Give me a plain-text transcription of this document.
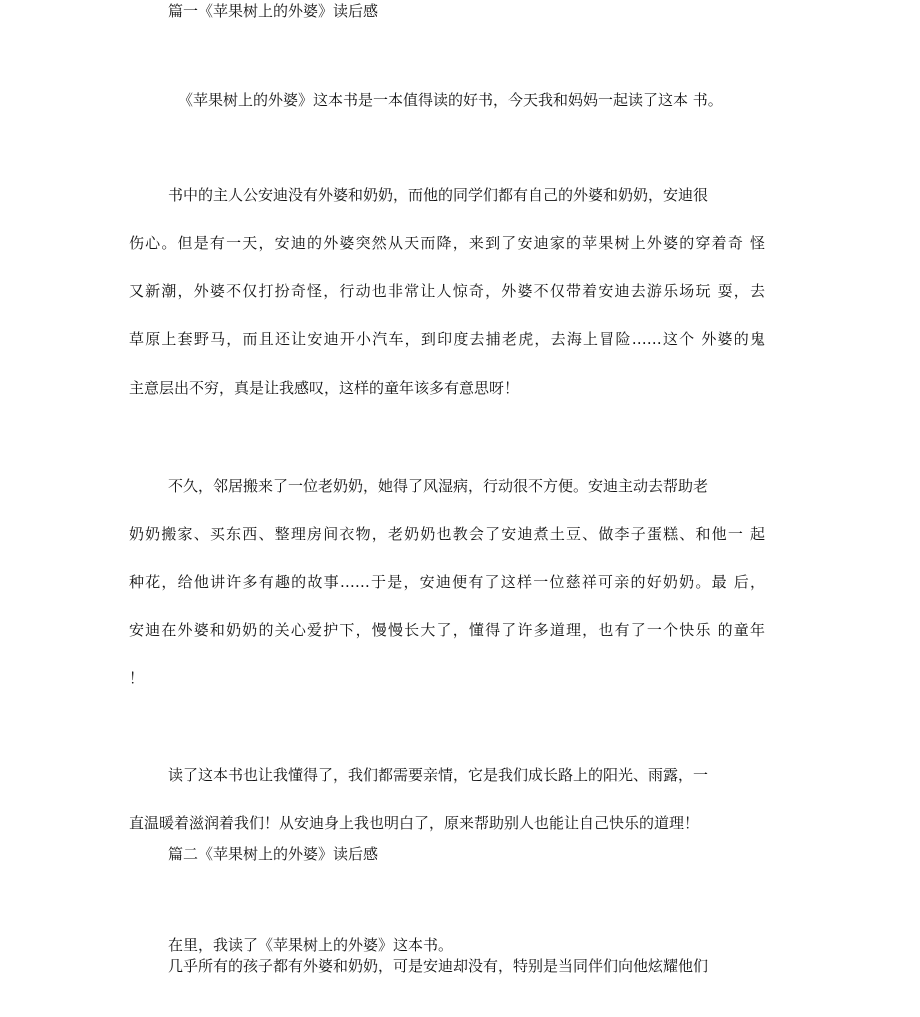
篇一《苹果树上的外婆》读后感
《苹果树上的外婆》这本书是一本值得读的好书，今天我和妈妈一起读了这本 书。
书中的主人公安迪没有外婆和奶奶，而他的同学们都有自己的外婆和奶奶，安迪很
伤心。但是有一天，安迪的外婆突然从天而降，来到了安迪家的苹果树上外婆的穿着奇 怪
又新潮，外婆不仅打扮奇怪，行动也非常让人惊奇，外婆不仅带着安迪去游乐场玩 耍，去
草原上套野马，而且还让安迪开小汽车，到印度去捕老虎，去海上冒险……这个 外婆的鬼
主意层出不穷，真是让我感叹，这样的童年该多有意思呀！
不久，邻居搬来了一位老奶奶，她得了风湿病，行动很不方便。安迪主动去帮助老
奶奶搬家、买东西、整理房间衣物，老奶奶也教会了安迪煮土豆、做李子蛋糕、和他一 起
种花，给他讲许多有趣的故事……于是，安迪便有了这样一位慈祥可亲的好奶奶。最 后，
安迪在外婆和奶奶的关心爱护下，慢慢长大了，懂得了许多道理，也有了一个快乐 的童年
！
读了这本书也让我懂得了，我们都需要亲情，它是我们成长路上的阳光、雨露，一
直温暖着滋润着我们！从安迪身上我也明白了，原来帮助别人也能让自己快乐的道理！
篇二《苹果树上的外婆》读后感
在里，我读了《苹果树上的外婆》这本书。
几乎所有的孩子都有外婆和奶奶，可是安迪却没有，特别是当同伴们向他炫耀他们
